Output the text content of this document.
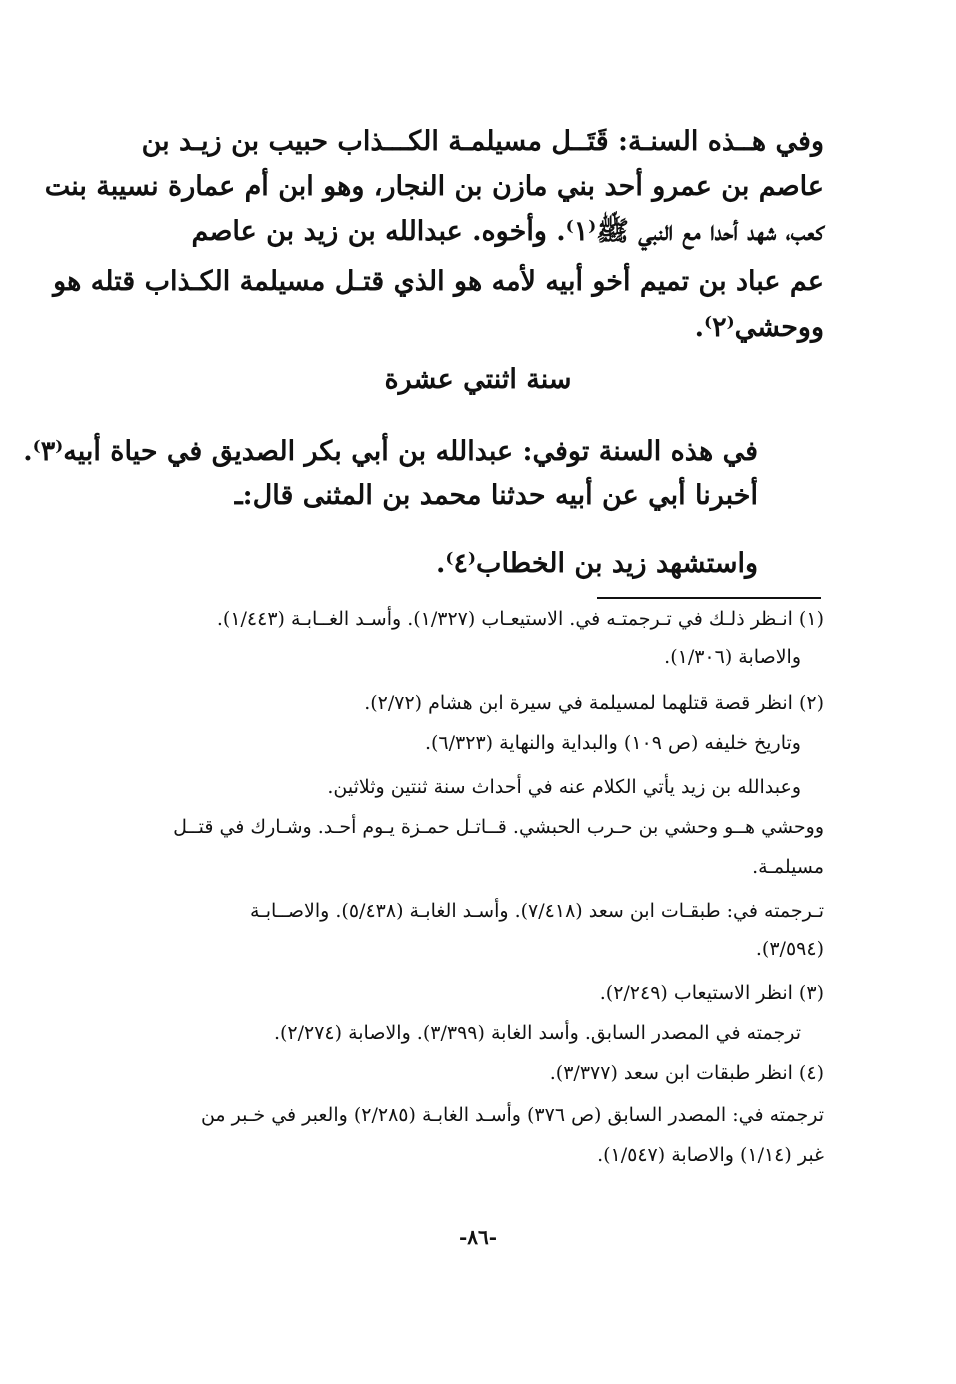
وفي هــذه السنـة: قَتَــل مسيلمـة الكـــذاب حبيب بن زيـد بن
عاصم بن عمرو أحد بني مازن بن النجار، وهو ابن أم عمارة نسيبة بنت
كعب، شهد أحدا مع النبي ﷺ⁽١⁾. وأخوه. عبدالله بن زيد بن عاصم
عم عباد بن تميم أخو أبيه لأمه هو الذي قتـل مسيلمة الكـذاب قتله هو
ووحشي⁽٢⁾.
سنة اثنتي عشرة
في هذه السنة توفي: عبدالله بن أبي بكر الصديق في حياة أبيه⁽٣⁾.
أخبرنا أبي عن أبيه حدثنا محمد بن المثنى قال:ـ
واستشهد زيد بن الخطاب⁽٤⁾.
(١) انـظر ذلـك في تـرجمتـه في. الاستيعـاب (١/٣٢٧). وأسـد الغــابـة (١/٤٤٣).
والاصابة (١/٣٠٦).
(٢) انظر قصة قتلهما لمسيلمة في سيرة ابن هشام (٢/٧٢).
وتاريخ خليفه (ص ١٠٩) والبداية والنهاية (٦/٣٢٣).
وعبدالله بن زيد يأتي الكلام عنه في أحداث سنة ثنتين وثلاثين.
ووحشي هــو وحشي بن حـرب الحبشي. قــاتـل حمـزة يـوم أحـد. وشـارك في قتــل
مسيلمـة.
تـرجمته في: طبقـات ابن سعد (٧/٤١٨). وأسـد الغابـة (٥/٤٣٨). والاصــابـة
(٣/٥٩٤).
(٣) انظر الاستيعاب (٢/٢٤٩).
ترجمته في المصدر السابق. وأسد الغابة (٣/٣٩٩). والاصابة (٢/٢٧٤).
(٤) انظر طبقات ابن سعد (٣/٣٧٧).
ترجمته في: المصدر السابق (ص ٣٧٦) وأسـد الغابـة (٢/٢٨٥) والعبر في خـبر من
غبر (١/١٤) والاصابة (١/٥٤٧).
-٨٦-
